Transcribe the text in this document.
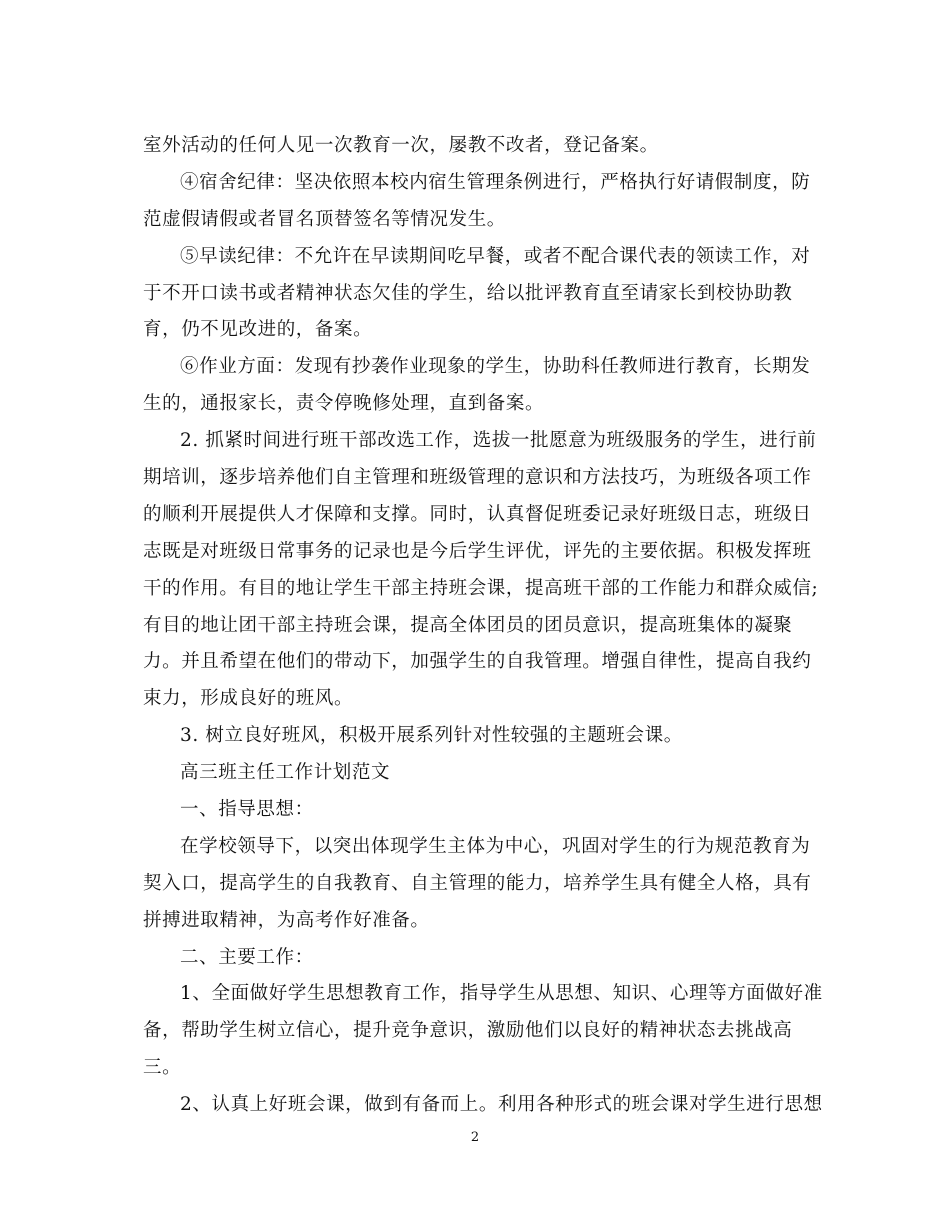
室外活动的任何人见一次教育一次，屡教不改者，登记备案。
④宿舍纪律：坚决依照本校内宿生管理条例进行，严格执行好请假制度，防
范虚假请假或者冒名顶替签名等情况发生。
⑤早读纪律：不允许在早读期间吃早餐，或者不配合课代表的领读工作，对
于不开口读书或者精神状态欠佳的学生，给以批评教育直至请家长到校协助教
育，仍不见改进的，备案。
⑥作业方面：发现有抄袭作业现象的学生，协助科任教师进行教育，长期发
生的，通报家长，责令停晚修处理，直到备案。
2. 抓紧时间进行班干部改选工作，选拔一批愿意为班级服务的学生，进行前
期培训，逐步培养他们自主管理和班级管理的意识和方法技巧，为班级各项工作
的顺利开展提供人才保障和支撑。同时，认真督促班委记录好班级日志，班级日
志既是对班级日常事务的记录也是今后学生评优，评先的主要依据。积极发挥班
干的作用。有目的地让学生干部主持班会课，提高班干部的工作能力和群众威信;
有目的地让团干部主持班会课，提高全体团员的团员意识，提高班集体的凝聚
力。并且希望在他们的带动下，加强学生的自我管理。增强自律性，提高自我约
束力，形成良好的班风。
3. 树立良好班风，积极开展系列针对性较强的主题班会课。
高三班主任工作计划范文
一、指导思想：
在学校领导下，以突出体现学生主体为中心，巩固对学生的行为规范教育为
契入口，提高学生的自我教育、自主管理的能力，培养学生具有健全人格，具有
拼搏进取精神，为高考作好准备。
二、主要工作：
1、全面做好学生思想教育工作，指导学生从思想、知识、心理等方面做好准
备，帮助学生树立信心，提升竞争意识，激励他们以良好的精神状态去挑战高
三。
2、认真上好班会课，做到有备而上。利用各种形式的班会课对学生进行思想
2
